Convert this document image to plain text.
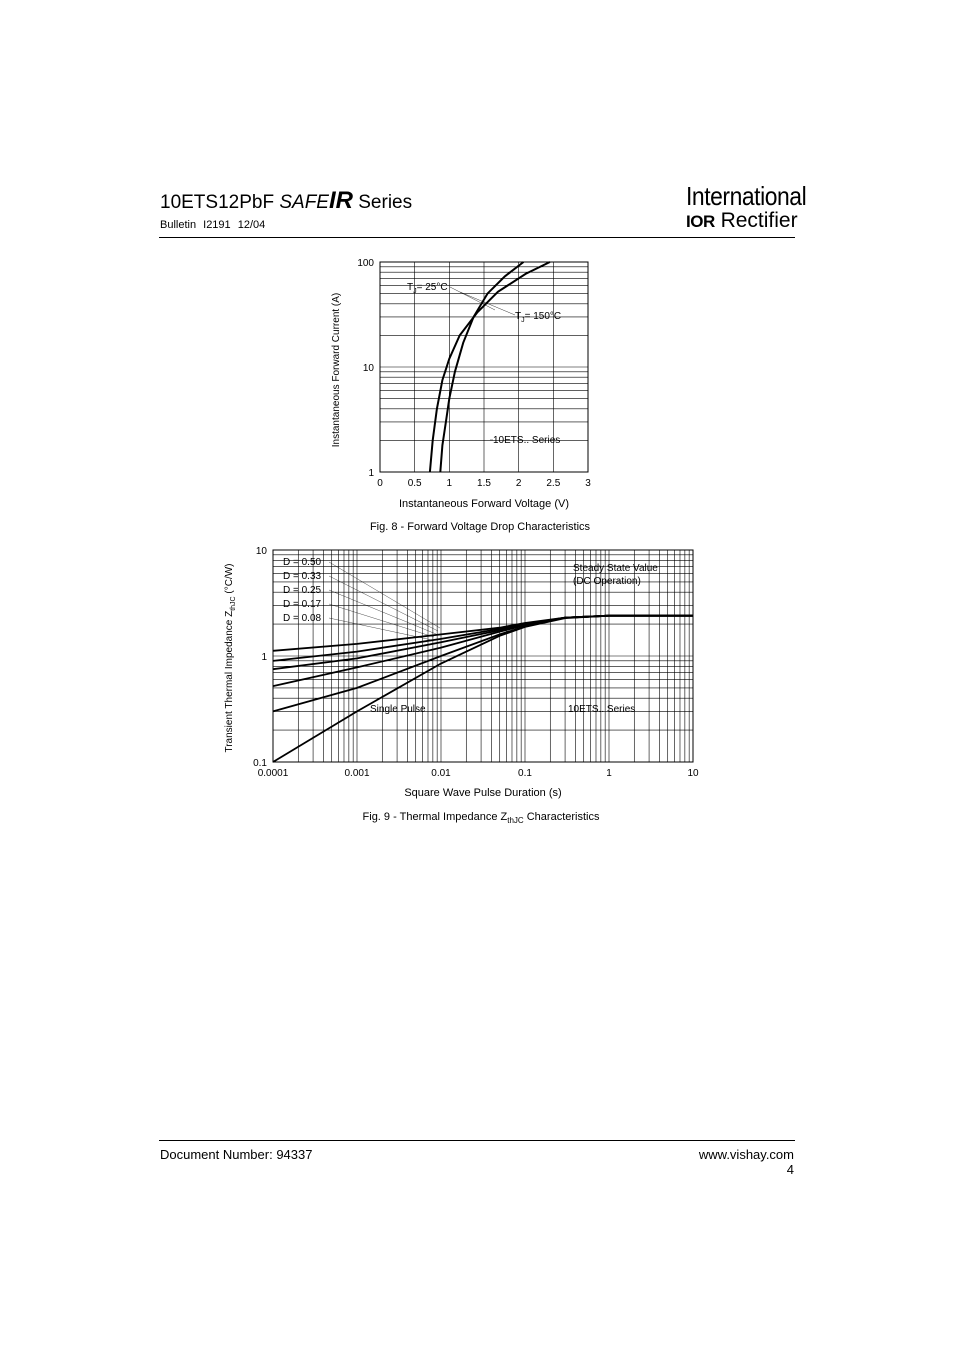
10ETS12PbF SAFEIR Series
Bulletin I2191 12/04
International
IOR Rectifier
0 0.5 1 1.5 2 2.5 3
1
10
100
Instantaneous Forward Voltage (V)
Instantaneous Forward Current (A)
Fig. 8 - Forward Voltage Drop Characteristics
10ETS.. Series
$T_J= 25^\circ C$
$T_J= 150^\circ C$
0.0001	0.001	0.01	0.1	1	10
0.1
1
10
D = 0.50
D = 0.33
D = 0.25
D = 0.17
D = 0.08
Square Wave Pulse Duration (s)
Transient Thermal Impedance $Z_{thJC}$ (°C/W)
Fig. 9 - Thermal Impedance $Z_{thJC}$ Characteristics
Steady State Value
(DC Operation)
Single Pulse	10ETS.. Series
Document Number: 94337	www.vishay.com
4
